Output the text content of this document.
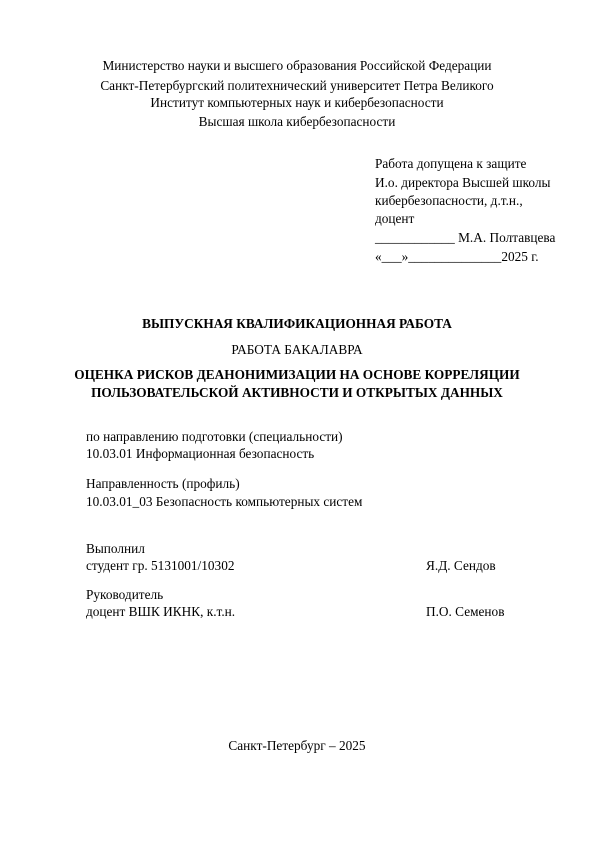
Министерство науки и высшего образования Российской Федерации
Санкт-Петербургский политехнический университет Петра Великого
Институт компьютерных наук и кибербезопасности
Высшая школа кибербезопасности
Работа допущена к защите
И.о. директора Высшей школы
кибербезопасности, д.т.н.,
доцент
____________ М.А. Полтавцева
«___»______________2025 г.
ВЫПУСКНАЯ КВАЛИФИКАЦИОННАЯ РАБОТА
РАБОТА БАКАЛАВРА
ОЦЕНКА РИСКОВ ДЕАНОНИМИЗАЦИИ НА ОСНОВЕ КОРРЕЛЯЦИИ
ПОЛЬЗОВАТЕЛЬСКОЙ АКТИВНОСТИ И ОТКРЫТЫХ ДАННЫХ
по направлению подготовки (специальности)
10.03.01 Информационная безопасность
Направленность (профиль)
10.03.01_03 Безопасность компьютерных систем
Выполнил
студент гр. 5131001/10302	Я.Д. Сендов
Руководитель
доцент ВШК ИКНК, к.т.н.	П.О. Семенов
Санкт-Петербург – 2025
